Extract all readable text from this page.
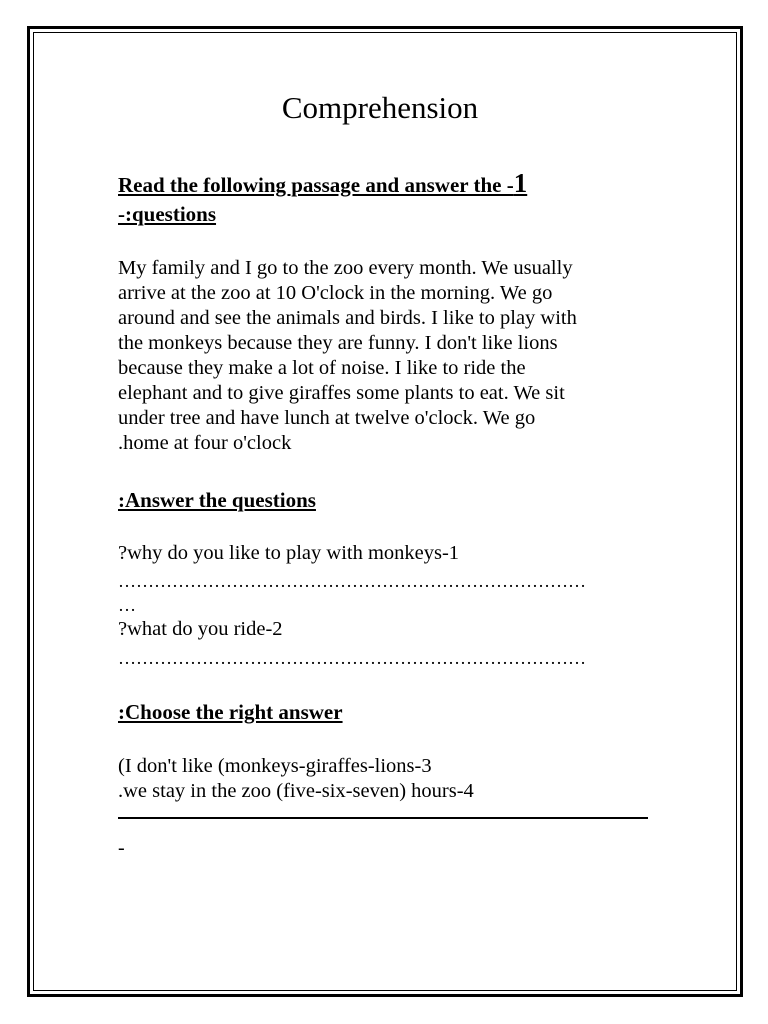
Comprehension
Read the following passage and answer the -1
-:questions
My family and I go to the zoo every month. We usually
arrive at the zoo at 10 O'clock in the morning. We go
around and see the animals and birds. I like to play with
the monkeys because they are funny. I don't like lions
because they make a lot of noise. I like to ride the
elephant and to give giraffes some plants to eat. We sit
under tree and have lunch at twelve o'clock. We go
.home at four o'clock
:Answer the questions
?why do you like to play with monkeys-1
……………………………………………………………………
…
?what do you ride-2
……………………………………………………………………
:Choose the right answer
(I don't like (monkeys-giraffes-lions-3
.we stay in the zoo (five-six-seven) hours-4
-
